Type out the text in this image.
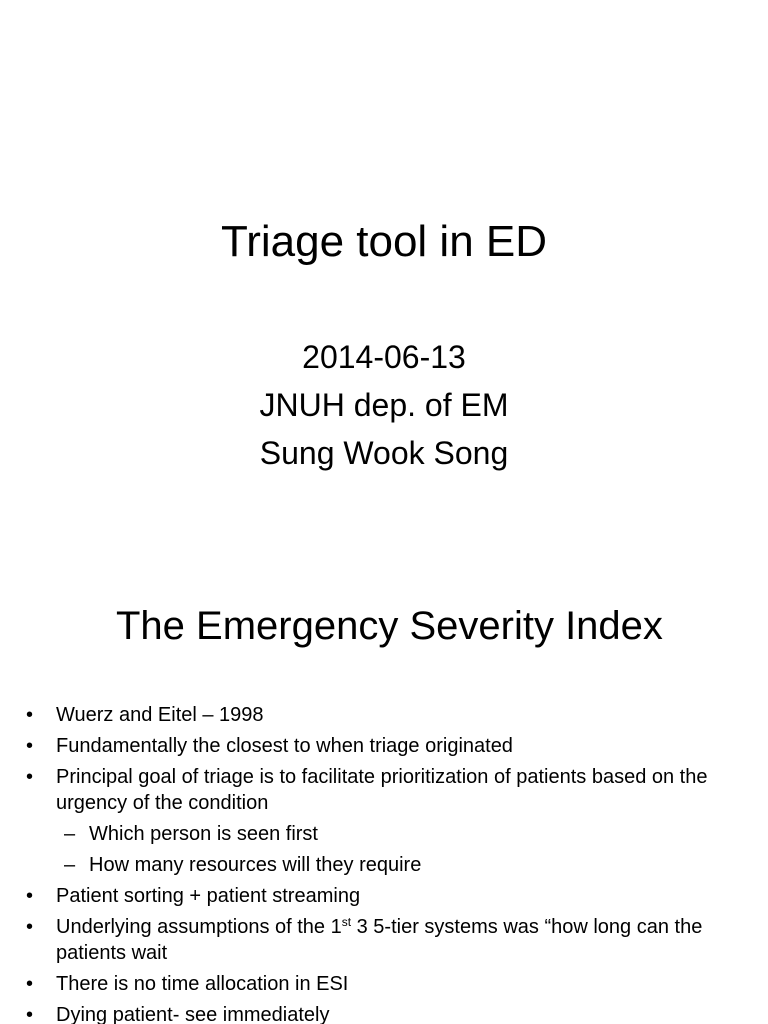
Triage tool in ED
2014-06-13
JNUH dep. of EM
Sung Wook Song
The Emergency Severity Index
• Wuerz and Eitel – 1998
• Fundamentally the closest to when triage originated
• Principal goal of triage is to facilitate prioritization of patients based on the urgency of the condition
– Which person is seen first
– How many resources will they require
• Patient sorting + patient streaming
• Underlying assumptions of the 1st 3 5-tier systems was “how long can the patients wait
• There is no time allocation in ESI
• Dying patient- see immediately
